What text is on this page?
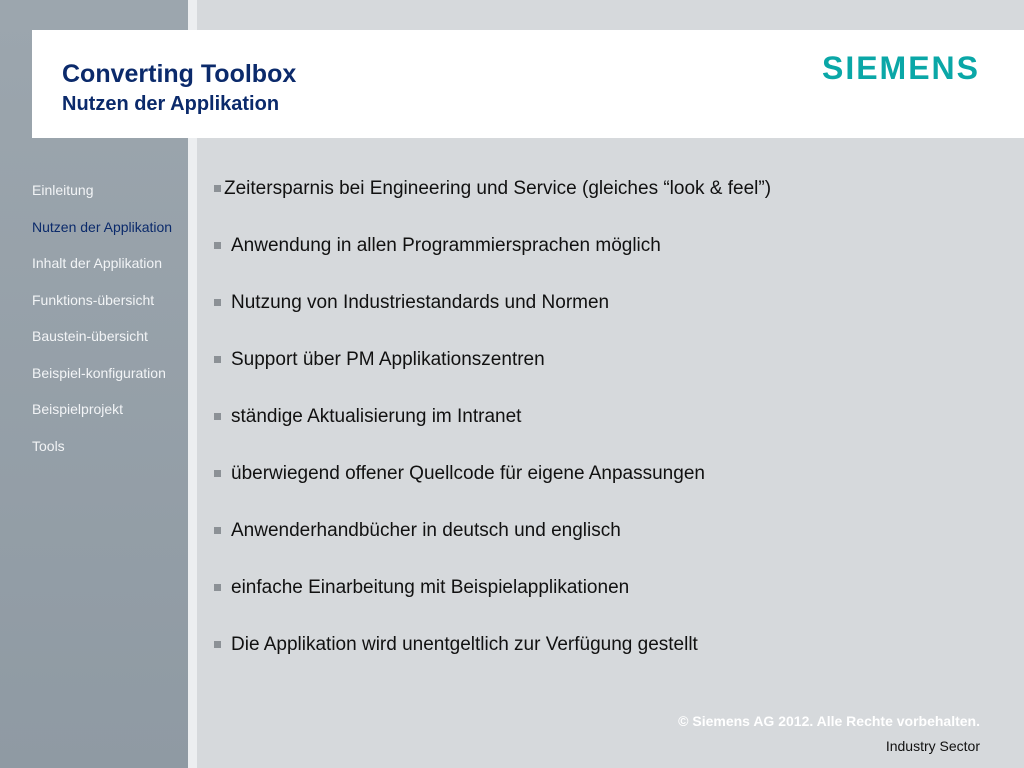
Converting Toolbox
Nutzen der Applikation
SIEMENS
Einleitung
Nutzen der Applikation
Inhalt der Applikation
Funktions-übersicht
Baustein-übersicht
Beispiel-konfiguration
Beispielprojekt
Tools
Zeitersparnis bei Engineering und Service (gleiches “look & feel”)
Anwendung in allen Programmiersprachen möglich
Nutzung von Industriestandards und Normen
Support über PM Applikationszentren
ständige Aktualisierung im Intranet
überwiegend offener Quellcode für eigene Anpassungen
Anwenderhandbücher in deutsch und englisch
einfache Einarbeitung mit Beispielapplikationen
Die Applikation wird unentgeltlich zur Verfügung gestellt
© Siemens AG 2012. Alle Rechte vorbehalten.
Industry Sector
